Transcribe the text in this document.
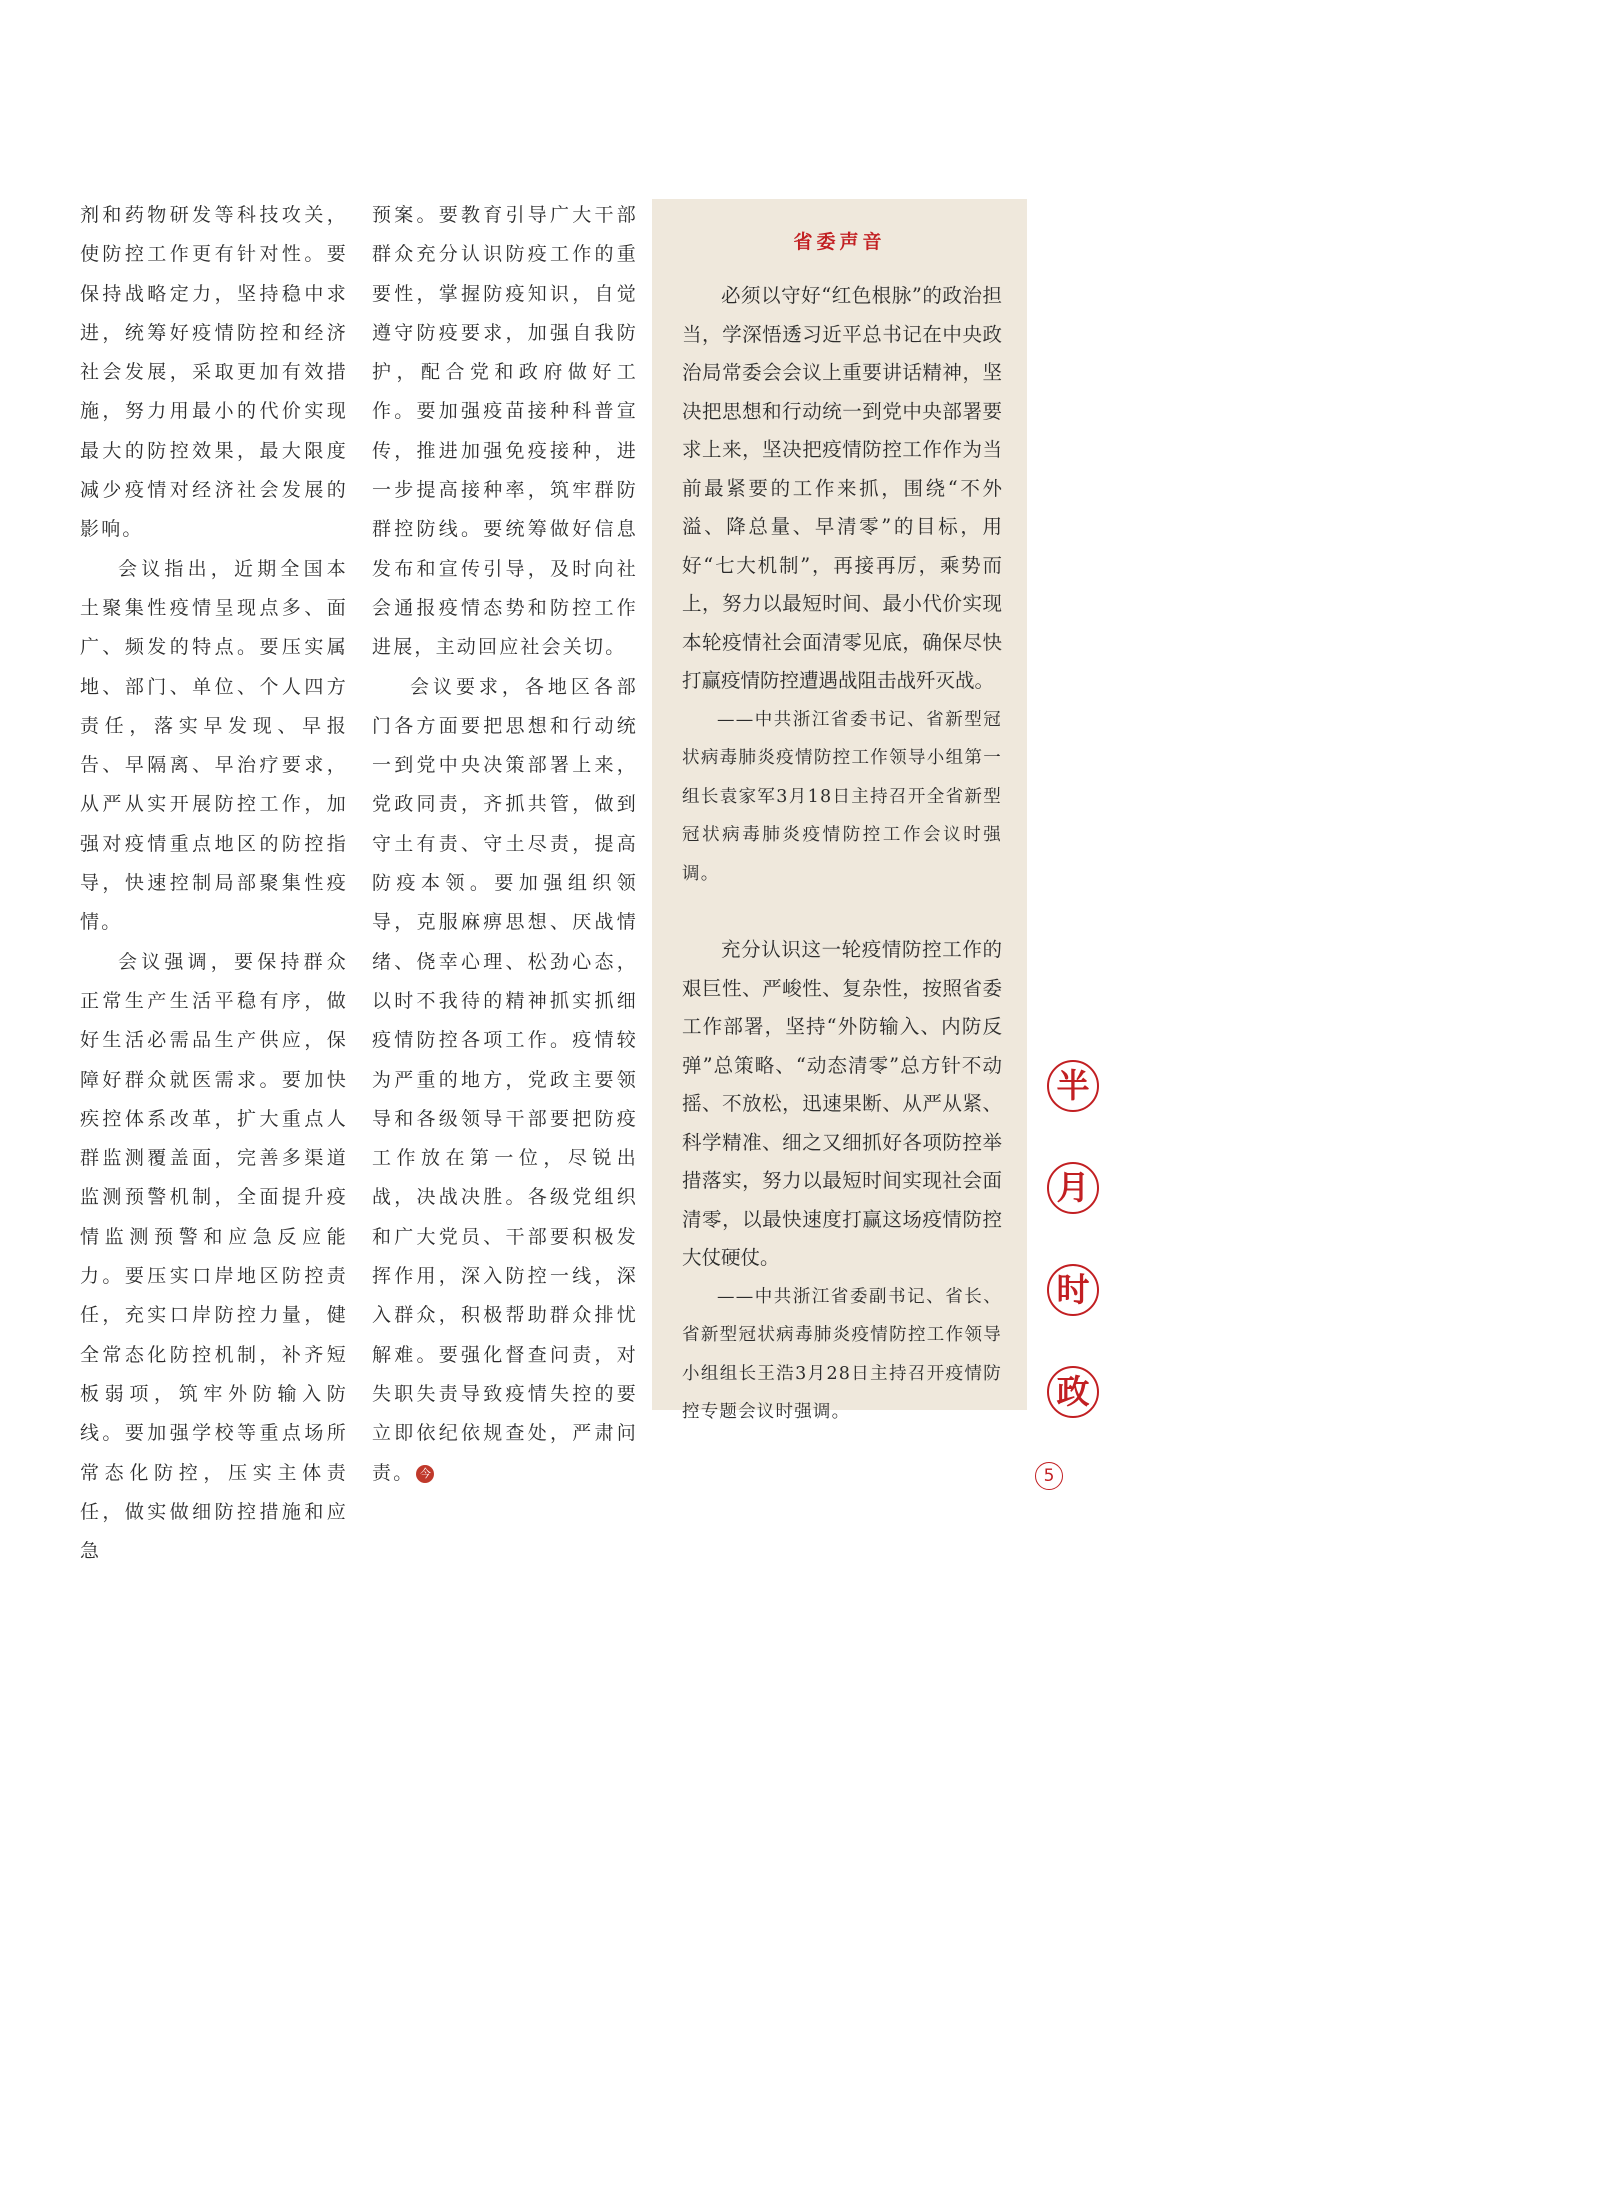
剂和药物研发等科技攻关，使防控工作更有针对性。要保持战略定力，坚持稳中求进，统筹好疫情防控和经济社会发展，采取更加有效措施，努力用最小的代价实现最大的防控效果，最大限度减少疫情对经济社会发展的影响。

会议指出，近期全国本土聚集性疫情呈现点多、面广、频发的特点。要压实属地、部门、单位、个人四方责任，落实早发现、早报告、早隔离、早治疗要求，从严从实开展防控工作，加强对疫情重点地区的防控指导，快速控制局部聚集性疫情。

会议强调，要保持群众正常生产生活平稳有序，做好生活必需品生产供应，保障好群众就医需求。要加快疾控体系改革，扩大重点人群监测覆盖面，完善多渠道监测预警机制，全面提升疫情监测预警和应急反应能力。要压实口岸地区防控责任，充实口岸防控力量，健全常态化防控机制，补齐短板弱项，筑牢外防输入防线。要加强学校等重点场所常态化防控，压实主体责任，做实做细防控措施和应急

预案。要教育引导广大干部群众充分认识防疫工作的重要性，掌握防疫知识，自觉遵守防疫要求，加强自我防护，配合党和政府做好工作。要加强疫苗接种科普宣传，推进加强免疫接种，进一步提高接种率，筑牢群防群控防线。要统筹做好信息发布和宣传引导，及时向社会通报疫情态势和防控工作进展，主动回应社会关切。

会议要求，各地区各部门各方面要把思想和行动统一到党中央决策部署上来，党政同责，齐抓共管，做到守土有责、守土尽责，提高防疫本领。要加强组织领导，克服麻痹思想、厌战情绪、侥幸心理、松劲心态，以时不我待的精神抓实抓细疫情防控各项工作。疫情较为严重的地方，党政主要领导和各级领导干部要把防疫工作放在第一位，尽锐出战，决战决胜。各级党组织和广大党员、干部要积极发挥作用，深入防控一线，深入群众，积极帮助群众排忧解难。要强化督查问责，对失职失责导致疫情失控的要立即依纪依规查处，严肃问责。 今

省委声音

必须以守好“红色根脉”的政治担当，学深悟透习近平总书记在中央政治局常委会会议上重要讲话精神，坚决把思想和行动统一到党中央部署要求上来，坚决把疫情防控工作作为当前最紧要的工作来抓，围绕“不外溢、降总量、早清零”的目标，用好“七大机制”，再接再厉，乘势而上，努力以最短时间、最小代价实现本轮疫情社会面清零见底，确保尽快打赢疫情防控遭遇战阻击战歼灭战。

——中共浙江省委书记、省新型冠状病毒肺炎疫情防控工作领导小组第一组长袁家军3月18日主持召开全省新型冠状病毒肺炎疫情防控工作会议时强调。

充分认识这一轮疫情防控工作的艰巨性、严峻性、复杂性，按照省委工作部署，坚持“外防输入、内防反弹”总策略、“动态清零”总方针不动摇、不放松，迅速果断、从严从紧、科学精准、细之又细抓好各项防控举措落实，努力以最短时间实现社会面清零，以最快速度打赢这场疫情防控大仗硬仗。

——中共浙江省委副书记、省长、省新型冠状病毒肺炎疫情防控工作领导小组组长王浩3月28日主持召开疫情防控专题会议时强调。

半
月
时
政
5
